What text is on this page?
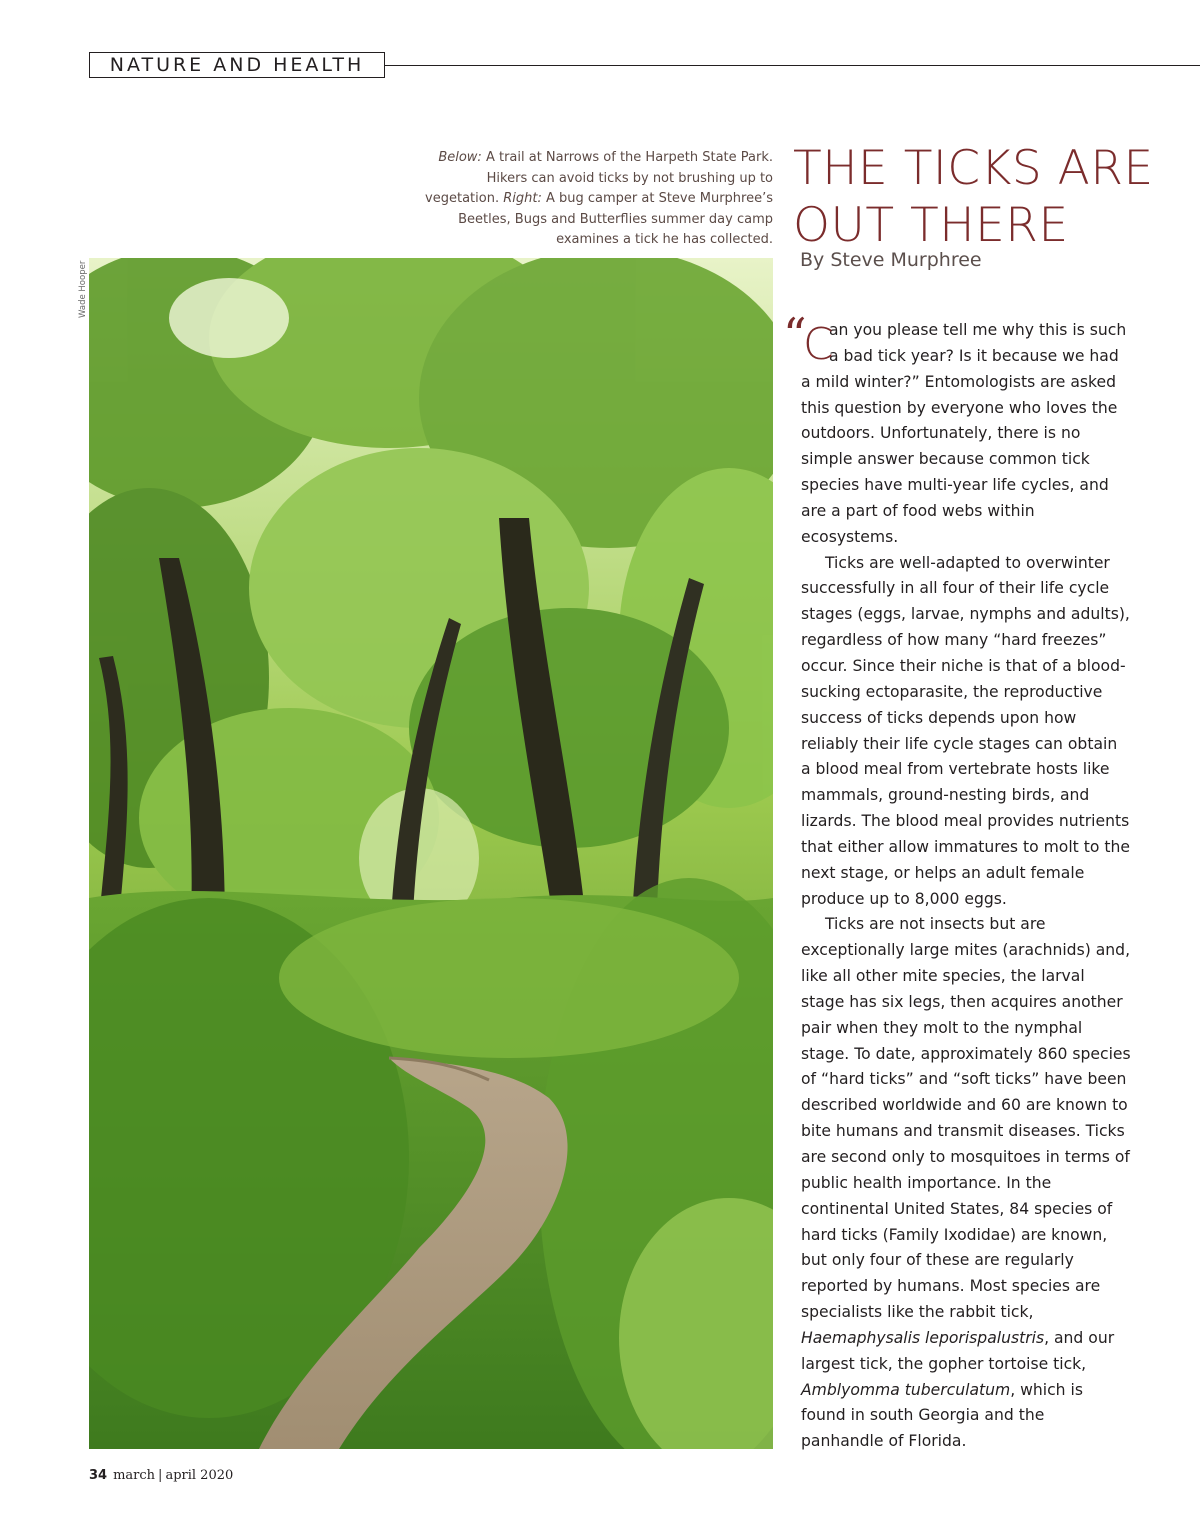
NATURE AND HEALTH
Below: A trail at Narrows of the Harpeth State Park. Hikers can avoid ticks by not brushing up to vegetation. Right: A bug camper at Steve Murphree’s Beetles, Bugs and Butterflies summer day camp examines a tick he has collected.
THE TICKS ARE
OUT THERE
By Steve Murphree
Wade Hooper
“
C

an you please tell me why this is such a bad tick year? Is it because we had a mild winter?” Entomologists are asked this question by everyone who loves the outdoors. Unfortunately, there is no simple answer because common tick species have multi-year life cycles, and are a part of food webs within ecosystems.

Ticks are well-adapted to overwinter successfully in all four of their life cycle stages (eggs, larvae, nymphs and adults), regardless of how many “hard freezes” occur. Since their niche is that of a blood-sucking ectoparasite, the reproductive success of ticks depends upon how reliably their life cycle stages can obtain a blood meal from vertebrate hosts like mammals, ground-nesting birds, and lizards. The blood meal provides nutrients that either allow immatures to molt to the next stage, or helps an adult female produce up to 8,000 eggs.

Ticks are not insects but are exceptionally large mites (arachnids) and, like all other mite species, the larval stage has six legs, then acquires another pair when they molt to the nymphal stage. To date, approximately 860 species of “hard ticks” and “soft ticks” have been described worldwide and 60 are known to bite humans and transmit diseases. Ticks are second only to mosquitoes in terms of public health importance. In the continental United States, 84 species of hard ticks (Family Ixodidae) are known, but only four of these are regularly reported by humans. Most species are specialists like the rabbit tick, Haemaphysalis leporispalustris, and our largest tick, the gopher tortoise tick, Amblyomma tuberculatum, which is found in south Georgia and the panhandle of Florida.

34 march | april 2020
